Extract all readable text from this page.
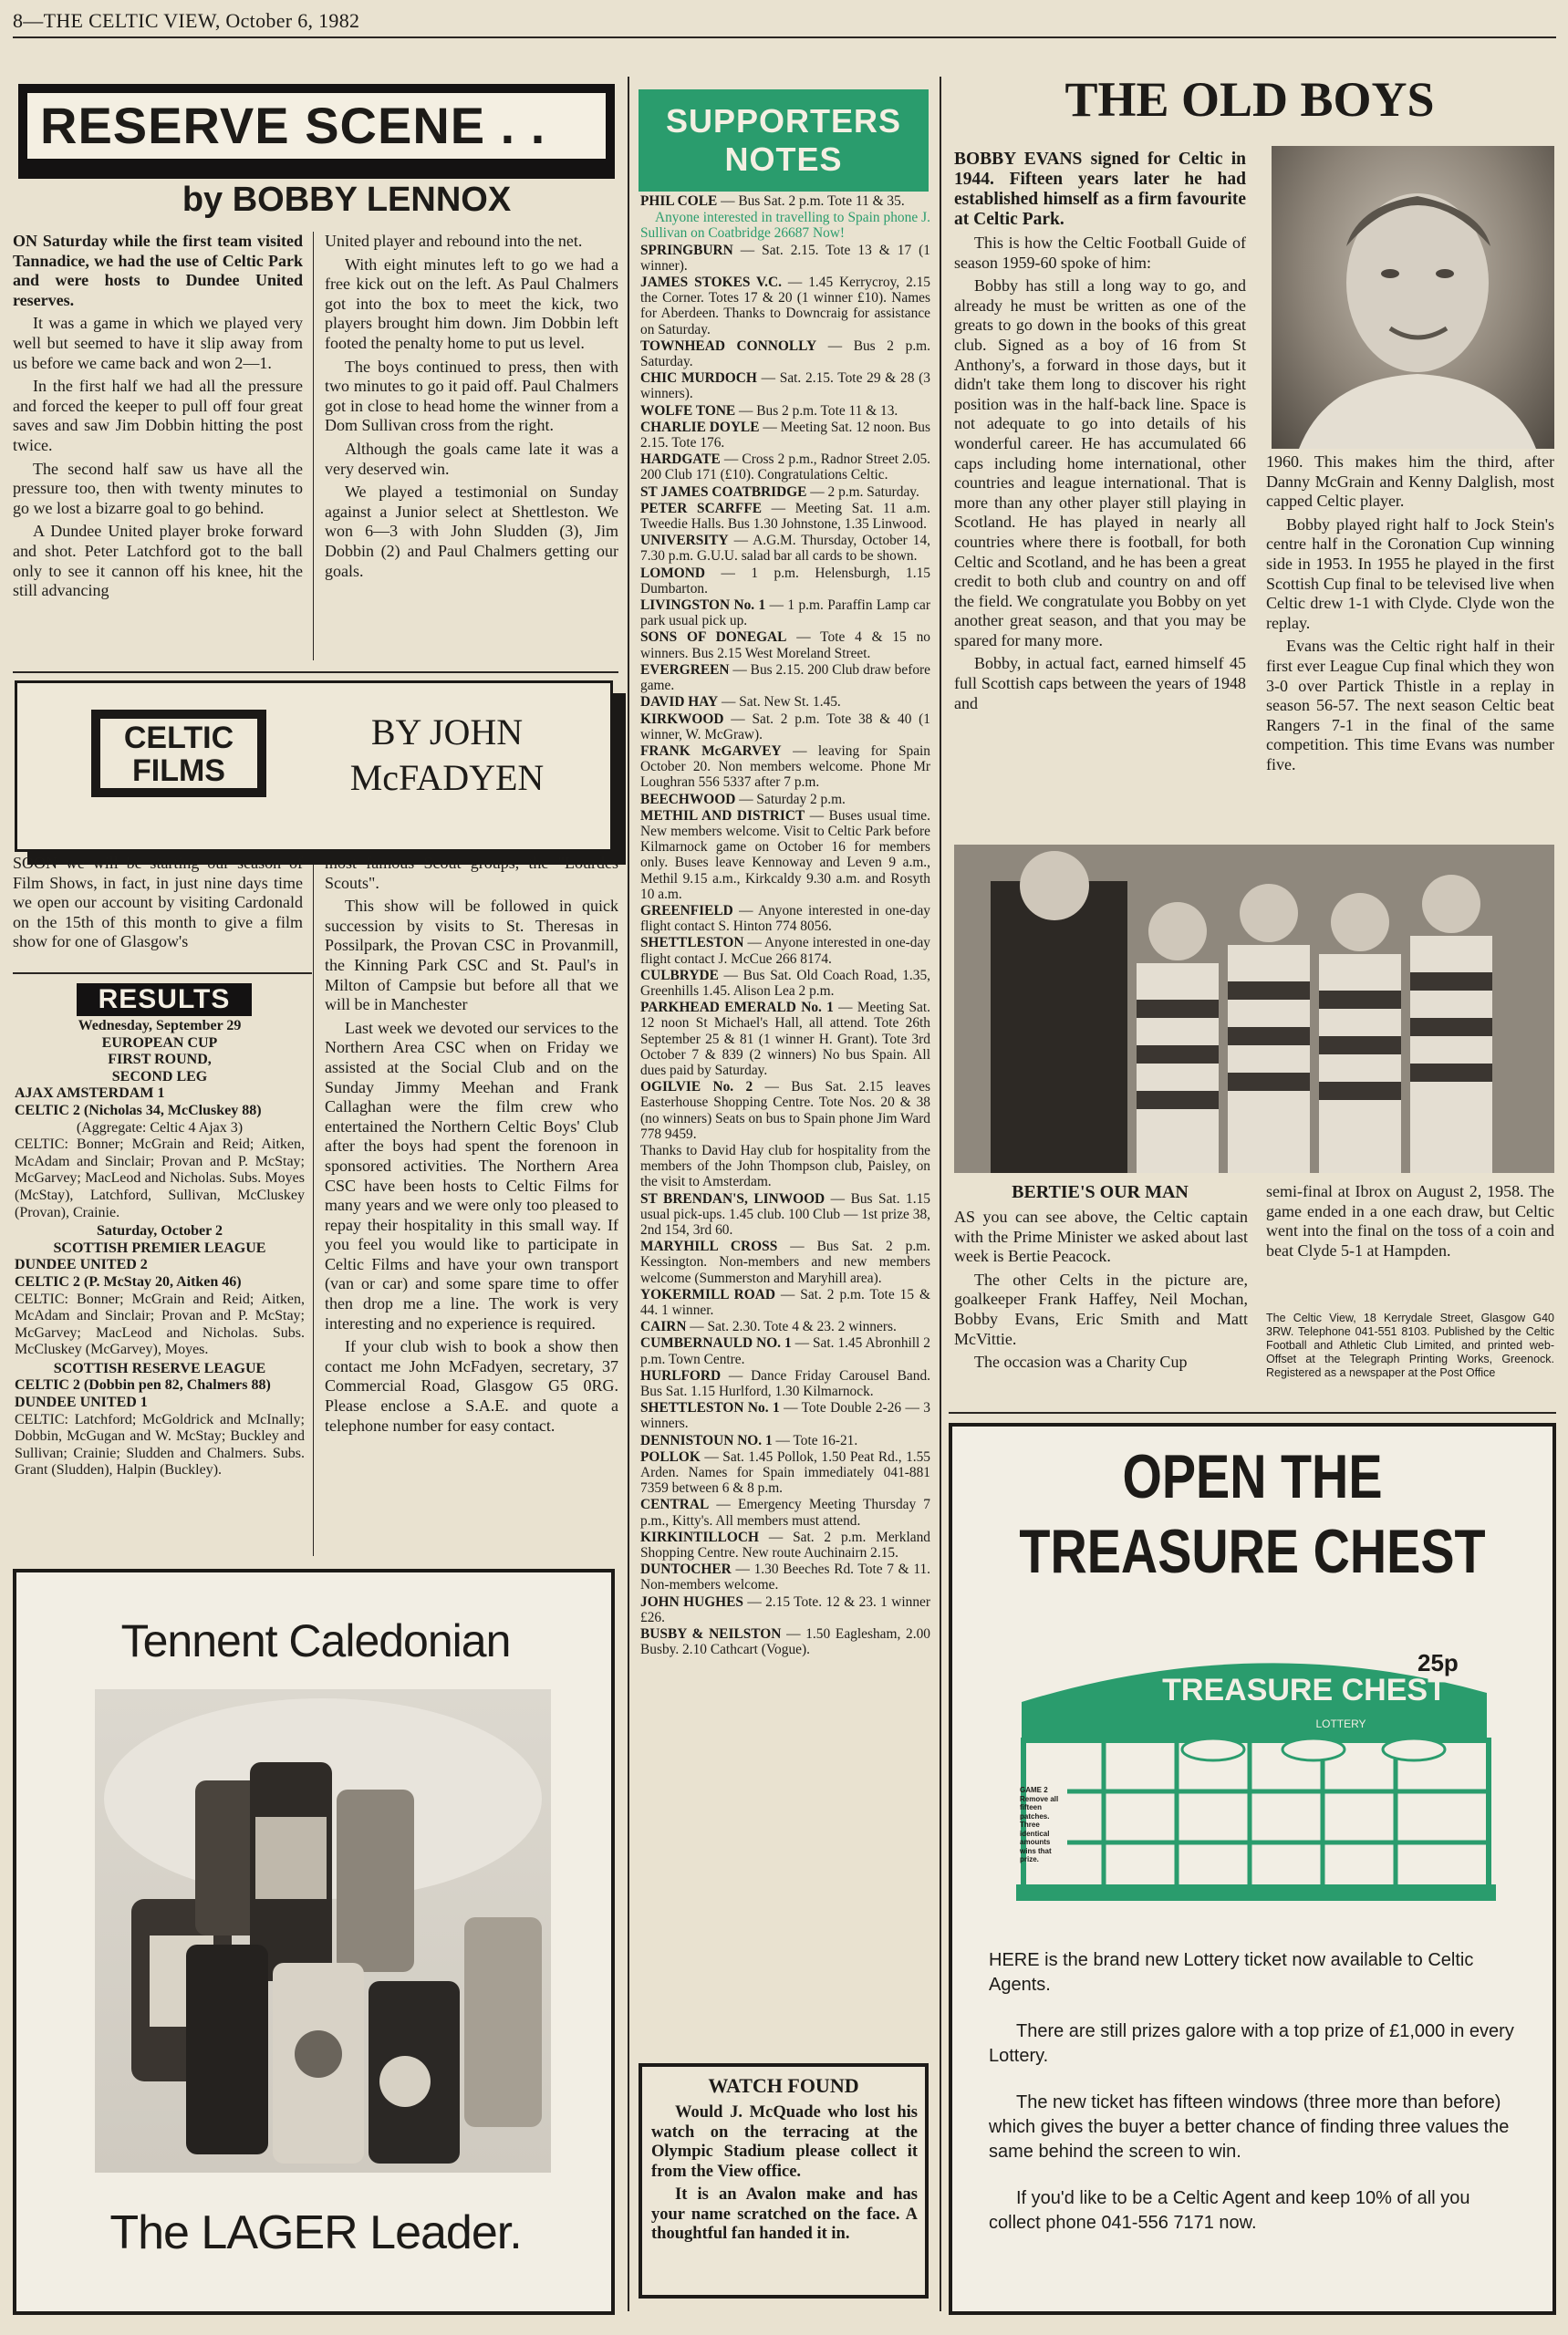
8—THE CELTIC VIEW, October 6, 1982
RESERVE SCENE . .
by BOBBY LENNOX

ON Saturday while the first team visited Tannadice, we had the use of Celtic Park and were hosts to Dundee United reserves.

It was a game in which we played very well but seemed to have it slip away from us before we came back and won 2—1.

In the first half we had all the pressure and forced the keeper to pull off four great saves and saw Jim Dobbin hitting the post twice.

The second half saw us have all the pressure too, then with twenty minutes to go we lost a bizarre goal to go behind.

A Dundee United player broke forward and shot. Peter Latchford got to the ball only to see it cannon off his knee, hit the still advancing

United player and rebound into the net.

With eight minutes left to go we had a free kick out on the left. As Paul Chalmers got into the box to meet the kick, two players brought him down. Jim Dobbin left footed the penalty home to put us level.

The boys continued to press, then with two minutes to go it paid off. Paul Chalmers got in close to head home the winner from a Dom Sullivan cross from the right.

Although the goals came late it was a very deserved win.

We played a testimonial on Sunday against a Junior select at Shettleston. We won 6—3 with John Sludden (3), Jim Dobbin (2) and Paul Chalmers getting our goals.

CELTIC
FILMS
BY JOHN
McFADYEN

SOON we will be starting our season of Film Shows, in fact, in just nine days time we open our account by visiting Cardonald on the 15th of this month to give a film show for one of Glasgow's

most famous Scout groups, the "Lourdes Scouts".

This show will be followed in quick succession by visits to St. Theresas in Possilpark, the Provan CSC in Provanmill, the Kinning Park CSC and St. Paul's in Milton of Campsie but before all that we will be in Manchester

Last week we devoted our services to the Northern Area CSC when on Friday we assisted at the Social Club and on the Sunday Jimmy Meehan and Frank Callaghan were the film crew who entertained the Northern Celtic Boys' Club after the boys had spent the forenoon in sponsored activities. The Northern Area CSC have been hosts to Celtic Films for many years and we were only too pleased to repay their hospitality in this small way. If you feel you would like to participate in Celtic Films and have your own transport (van or car) and some spare time to offer then drop me a line. The work is very interesting and no experience is required.

If your club wish to book a show then contact me John McFadyen, secretary, 37 Commercial Road, Glasgow G5 0RG. Please enclose a S.A.E. and quote a telephone number for easy contact.

RESULTS
Wednesday, September 29
EUROPEAN CUP
FIRST ROUND,
SECOND LEG
AJAX AMSTERDAM 1
CELTIC 2 (Nicholas 34, McCluskey 88)
(Aggregate: Celtic 4 Ajax 3)
CELTIC: Bonner; McGrain and Reid; Aitken, McAdam and Sinclair; Provan and P. McStay; McGarvey; MacLeod and Nicholas. Subs. Moyes (McStay), Latchford, Sullivan, McCluskey (Provan), Crainie.
Saturday, October 2
SCOTTISH PREMIER LEAGUE
DUNDEE UNITED 2
CELTIC 2 (P. McStay 20, Aitken 46)
CELTIC: Bonner; McGrain and Reid; Aitken, McAdam and Sinclair; Provan and P. McStay; McGarvey; MacLeod and Nicholas. Subs. McCluskey (McGarvey), Moyes.
SCOTTISH RESERVE LEAGUE
CELTIC 2 (Dobbin pen 82, Chalmers 88)
DUNDEE UNITED 1
CELTIC: Latchford; McGoldrick and McInally; Dobbin, McGugan and W. McStay; Buckley and Sullivan; Crainie; Sludden and Chalmers. Subs. Grant (Sludden), Halpin (Buckley).
Tennent Caledonian
The LAGER Leader.
SUPPORTERS
NOTES

PHIL COLE — Bus Sat. 2 p.m. Tote 11 & 35.

Anyone interested in travelling to Spain phone J. Sullivan on Coatbridge 26687 Now!

SPRINGBURN — Sat. 2.15. Tote 13 & 17 (1 winner).

JAMES STOKES V.C. — 1.45 Kerrycroy, 2.15 the Corner. Totes 17 & 20 (1 winner £10). Names for Aberdeen. Thanks to Downcraig for assistance on Saturday.

TOWNHEAD CONNOLLY — Bus 2 p.m. Saturday.

CHIC MURDOCH — Sat. 2.15. Tote 29 & 28 (3 winners).

WOLFE TONE — Bus 2 p.m. Tote 11 & 13.

CHARLIE DOYLE — Meeting Sat. 12 noon. Bus 2.15. Tote 176.

HARDGATE — Cross 2 p.m., Radnor Street 2.05. 200 Club 171 (£10). Congratulations Celtic.

ST JAMES COATBRIDGE — 2 p.m. Saturday.

PETER SCARFFE — Meeting Sat. 11 a.m. Tweedie Halls. Bus 1.30 Johnstone, 1.35 Linwood.

UNIVERSITY — A.G.M. Thursday, October 14, 7.30 p.m. G.U.U. salad bar all cards to be shown.

LOMOND — 1 p.m. Helensburgh, 1.15 Dumbarton.

LIVINGSTON No. 1 — 1 p.m. Paraffin Lamp car park usual pick up.

SONS OF DONEGAL — Tote 4 & 15 no winners. Bus 2.15 West Moreland Street.

EVERGREEN — Bus 2.15. 200 Club draw before game.

DAVID HAY — Sat. New St. 1.45.

KIRKWOOD — Sat. 2 p.m. Tote 38 & 40 (1 winner, W. McGraw).

FRANK McGARVEY — leaving for Spain October 20. Non members welcome. Phone Mr Loughran 556 5337 after 7 p.m.

BEECHWOOD — Saturday 2 p.m.

METHIL AND DISTRICT — Buses usual time. New members welcome. Visit to Celtic Park before Kilmarnock game on October 16 for members only. Buses leave Kennoway and Leven 9 a.m., Methil 9.15 a.m., Kirkcaldy 9.30 a.m. and Rosyth 10 a.m.

GREENFIELD — Anyone interested in one-day flight contact S. Hinton 774 8056.

SHETTLESTON — Anyone interested in one-day flight contact J. McCue 266 8174.

CULBRYDE — Bus Sat. Old Coach Road, 1.35, Greenhills 1.45. Alison Lea 2 p.m.

PARKHEAD EMERALD No. 1 — Meeting Sat. 12 noon St Michael's Hall, all attend. Tote 26th September 25 & 81 (1 winner H. Grant). Tote 3rd October 7 & 839 (2 winners) No bus Spain. All dues paid by Saturday.

OGILVIE No. 2 — Bus Sat. 2.15 leaves Easterhouse Shopping Centre. Tote Nos. 20 & 38 (no winners) Seats on bus to Spain phone Jim Ward 778 9459.

Thanks to David Hay club for hospitality from the members of the John Thompson club, Paisley, on the visit to Amsterdam.

ST BRENDAN'S, LINWOOD — Bus Sat. 1.15 usual pick-ups. 1.45 club. 100 Club — 1st prize 38, 2nd 154, 3rd 60.

MARYHILL CROSS — Bus Sat. 2 p.m. Kessington. Non-members and new members welcome (Summerston and Maryhill area).

YOKERMILL ROAD — Sat. 2 p.m. Tote 15 & 44. 1 winner.

CAIRN — Sat. 2.30. Tote 4 & 23. 2 winners.

CUMBERNAULD NO. 1 — Sat. 1.45 Abronhill 2 p.m. Town Centre.

HURLFORD — Dance Friday Carousel Band. Bus Sat. 1.15 Hurlford, 1.30 Kilmarnock.

SHETTLESTON No. 1 — Tote Double 2-26 — 3 winners.

DENNISTOUN NO. 1 — Tote 16-21.

POLLOK — Sat. 1.45 Pollok, 1.50 Peat Rd., 1.55 Arden. Names for Spain immediately 041-881 7359 between 6 & 8 p.m.

CENTRAL — Emergency Meeting Thursday 7 p.m., Kitty's. All members must attend.

KIRKINTILLOCH — Sat. 2 p.m. Merkland Shopping Centre. New route Auchinairn 2.15.

DUNTOCHER — 1.30 Beeches Rd. Tote 7 & 11. Non-members welcome.

JOHN HUGHES — 2.15 Tote. 12 & 23. 1 winner £26.

BUSBY & NEILSTON — 1.50 Eaglesham, 2.00 Busby. 2.10 Cathcart (Vogue).

WATCH FOUND

Would J. McQuade who lost his watch on the terracing at the Olympic Stadium please collect it from the View office.

It is an Avalon make and has your name scratched on the face. A thoughtful fan handed it in.

THE OLD BOYS

BOBBY EVANS signed for Celtic in 1944. Fifteen years later he had established himself as a firm favourite at Celtic Park.

This is how the Celtic Football Guide of season 1959-60 spoke of him:

Bobby has still a long way to go, and already he must be written as one of the greats to go down in the books of this great club. Signed as a boy of 16 from St Anthony's, a forward in those days, but it didn't take them long to discover his right position was in the half-back line. Space is not adequate to go into details of his wonderful career. He has accumulated 66 caps including home international, other countries and league international. That is more than any other player still playing in Scotland. He has played in nearly all countries where there is football, for both Celtic and Scotland, and he has been a great credit to both club and country on and off the field. We congratulate you Bobby on yet another great season, and that you may be spared for many more.

Bobby, in actual fact, earned himself 45 full Scottish caps between the years of 1948 and

1960. This makes him the third, after Danny McGrain and Kenny Dalglish, most capped Celtic player.

Bobby played right half to Jock Stein's centre half in the Coronation Cup winning side in 1953. In 1955 he played in the first Scottish Cup final to be televised live when Celtic drew 1-1 with Clyde. Clyde won the replay.

Evans was the Celtic right half in their first ever League Cup final which they won 3-0 over Partick Thistle in a replay in season 56-57. The next season Celtic beat Rangers 7-1 in the final of the same competition. This time Evans was number five.

BERTIE'S OUR MAN

AS you can see above, the Celtic captain with the Prime Minister we asked about last week is Bertie Peacock.

The other Celts in the picture are, goalkeeper Frank Haffey, Neil Mochan, Bobby Evans, Eric Smith and Matt McVittie.

The occasion was a Charity Cup

semi-final at Ibrox on August 2, 1958. The game ended in a one each draw, but Celtic went into the final on the toss of a coin and beat Clyde 5-1 at Hampden.

The Celtic View, 18 Kerrydale Street, Glasgow G40 3RW. Telephone 041-551 8103. Published by the Celtic Football and Athletic Club Limited, and printed web-Offset at the Telegraph Printing Works, Greenock. Registered as a newspaper at the Post Office
OPEN THE
TREASURE CHEST
TREASURE CHEST
LOTTERY
25p
GAME 2 Remove all fifteen patches. Three identical amounts wins that prize.

HERE is the brand new Lottery ticket now available to Celtic Agents.

There are still prizes galore with a top prize of £1,000 in every Lottery.

The new ticket has fifteen windows (three more than before) which gives the buyer a better chance of finding three values the same behind the screen to win.

If you'd like to be a Celtic Agent and keep 10% of all you collect phone 041-556 7171 now.
